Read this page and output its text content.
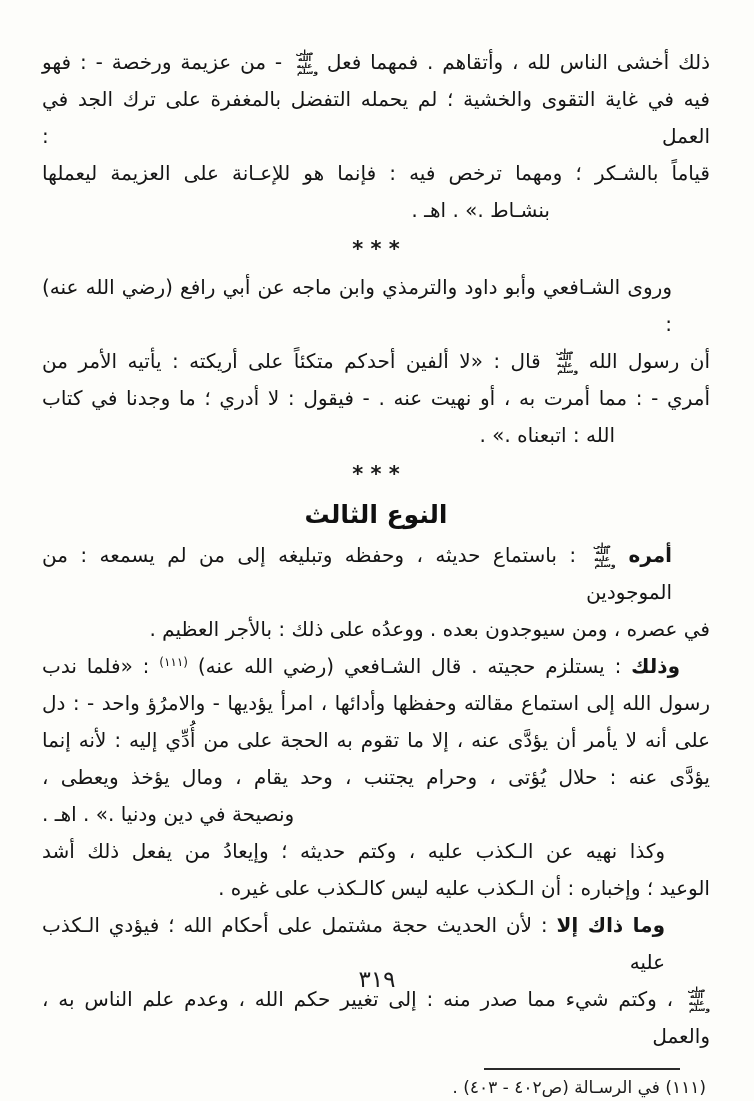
ذلك أخشى الناس لله ، وأتقاهم . فمهما فعل صلى الله عليه وسلم - من عزيمة ورخصة - : فهو
فيه في غاية التقوى والخشية ؛ لم يحمله التفضل بالمغفرة على ترك الجد في العمل :
قياماً بالشـكر ؛ ومهما ترخص فيه : فإنما هو للإعـانة على العزيمة ليعملها
بنشـاط .» . اهـ .
* * *
وروى الشـافعي وأبو داود والترمذي وابن ماجه عن أبي رافع (رضي الله عنه) :
أن رسول الله صلى الله عليه وسلم قال : «لا ألفين أحدكم متكئاً على أريكته : يأتيه الأمر من
أمري - : مما أمرت به ، أو نهيت عنه . - فيقول : لا أدري ؛ ما وجدنا في كتاب
الله : اتبعناه .» .
* * *
النوع الثالث
أمره صلى الله عليه وسلم : باستماع حديثه ، وحفظه وتبليغه إلى من لم يسمعه : من الموجودين
في عصره ، ومن سيوجدون بعده . ووعدُه على ذلك : بالأجر العظيم .
وذلك : يستلزم حجيته . قال الشـافعي (رضي الله عنه) $^{(١١١)}$ : «فلما ندب
رسول الله إلى استماع مقالته وحفظها وأدائها ، امرأ يؤديها - والامرُؤ واحد - : دل
على أنه لا يأمر أن يؤدَّى عنه ، إلا ما تقوم به الحجة على من أُدِّي إليه : لأنه إنما
يؤدَّى عنه : حلال يُؤتى ، وحرام يجتنب ، وحد يقام ، ومال يؤخذ ويعطى ،
ونصيحة في دين ودنيا .» . اهـ .
وكذا نهيه عن الـكذب عليه ، وكتم حديثه ؛ وإيعادُ من يفعل ذلك أشد
الوعيد ؛ وإخباره : أن الـكذب عليه ليس كالـكذب على غيره .
وما ذاك إلا : لأن الحديث حجة مشتمل على أحكام الله ؛ فيؤدي الـكذب عليه
صلى الله عليه وسلم ، وكتم شيء مما صدر منه : إلى تغيير حكم الله ، وعدم علم الناس به ، والعمل
(١١١) في الرسـالة (ص٤٠٢ - ٤٠٣) .
٣١٩
